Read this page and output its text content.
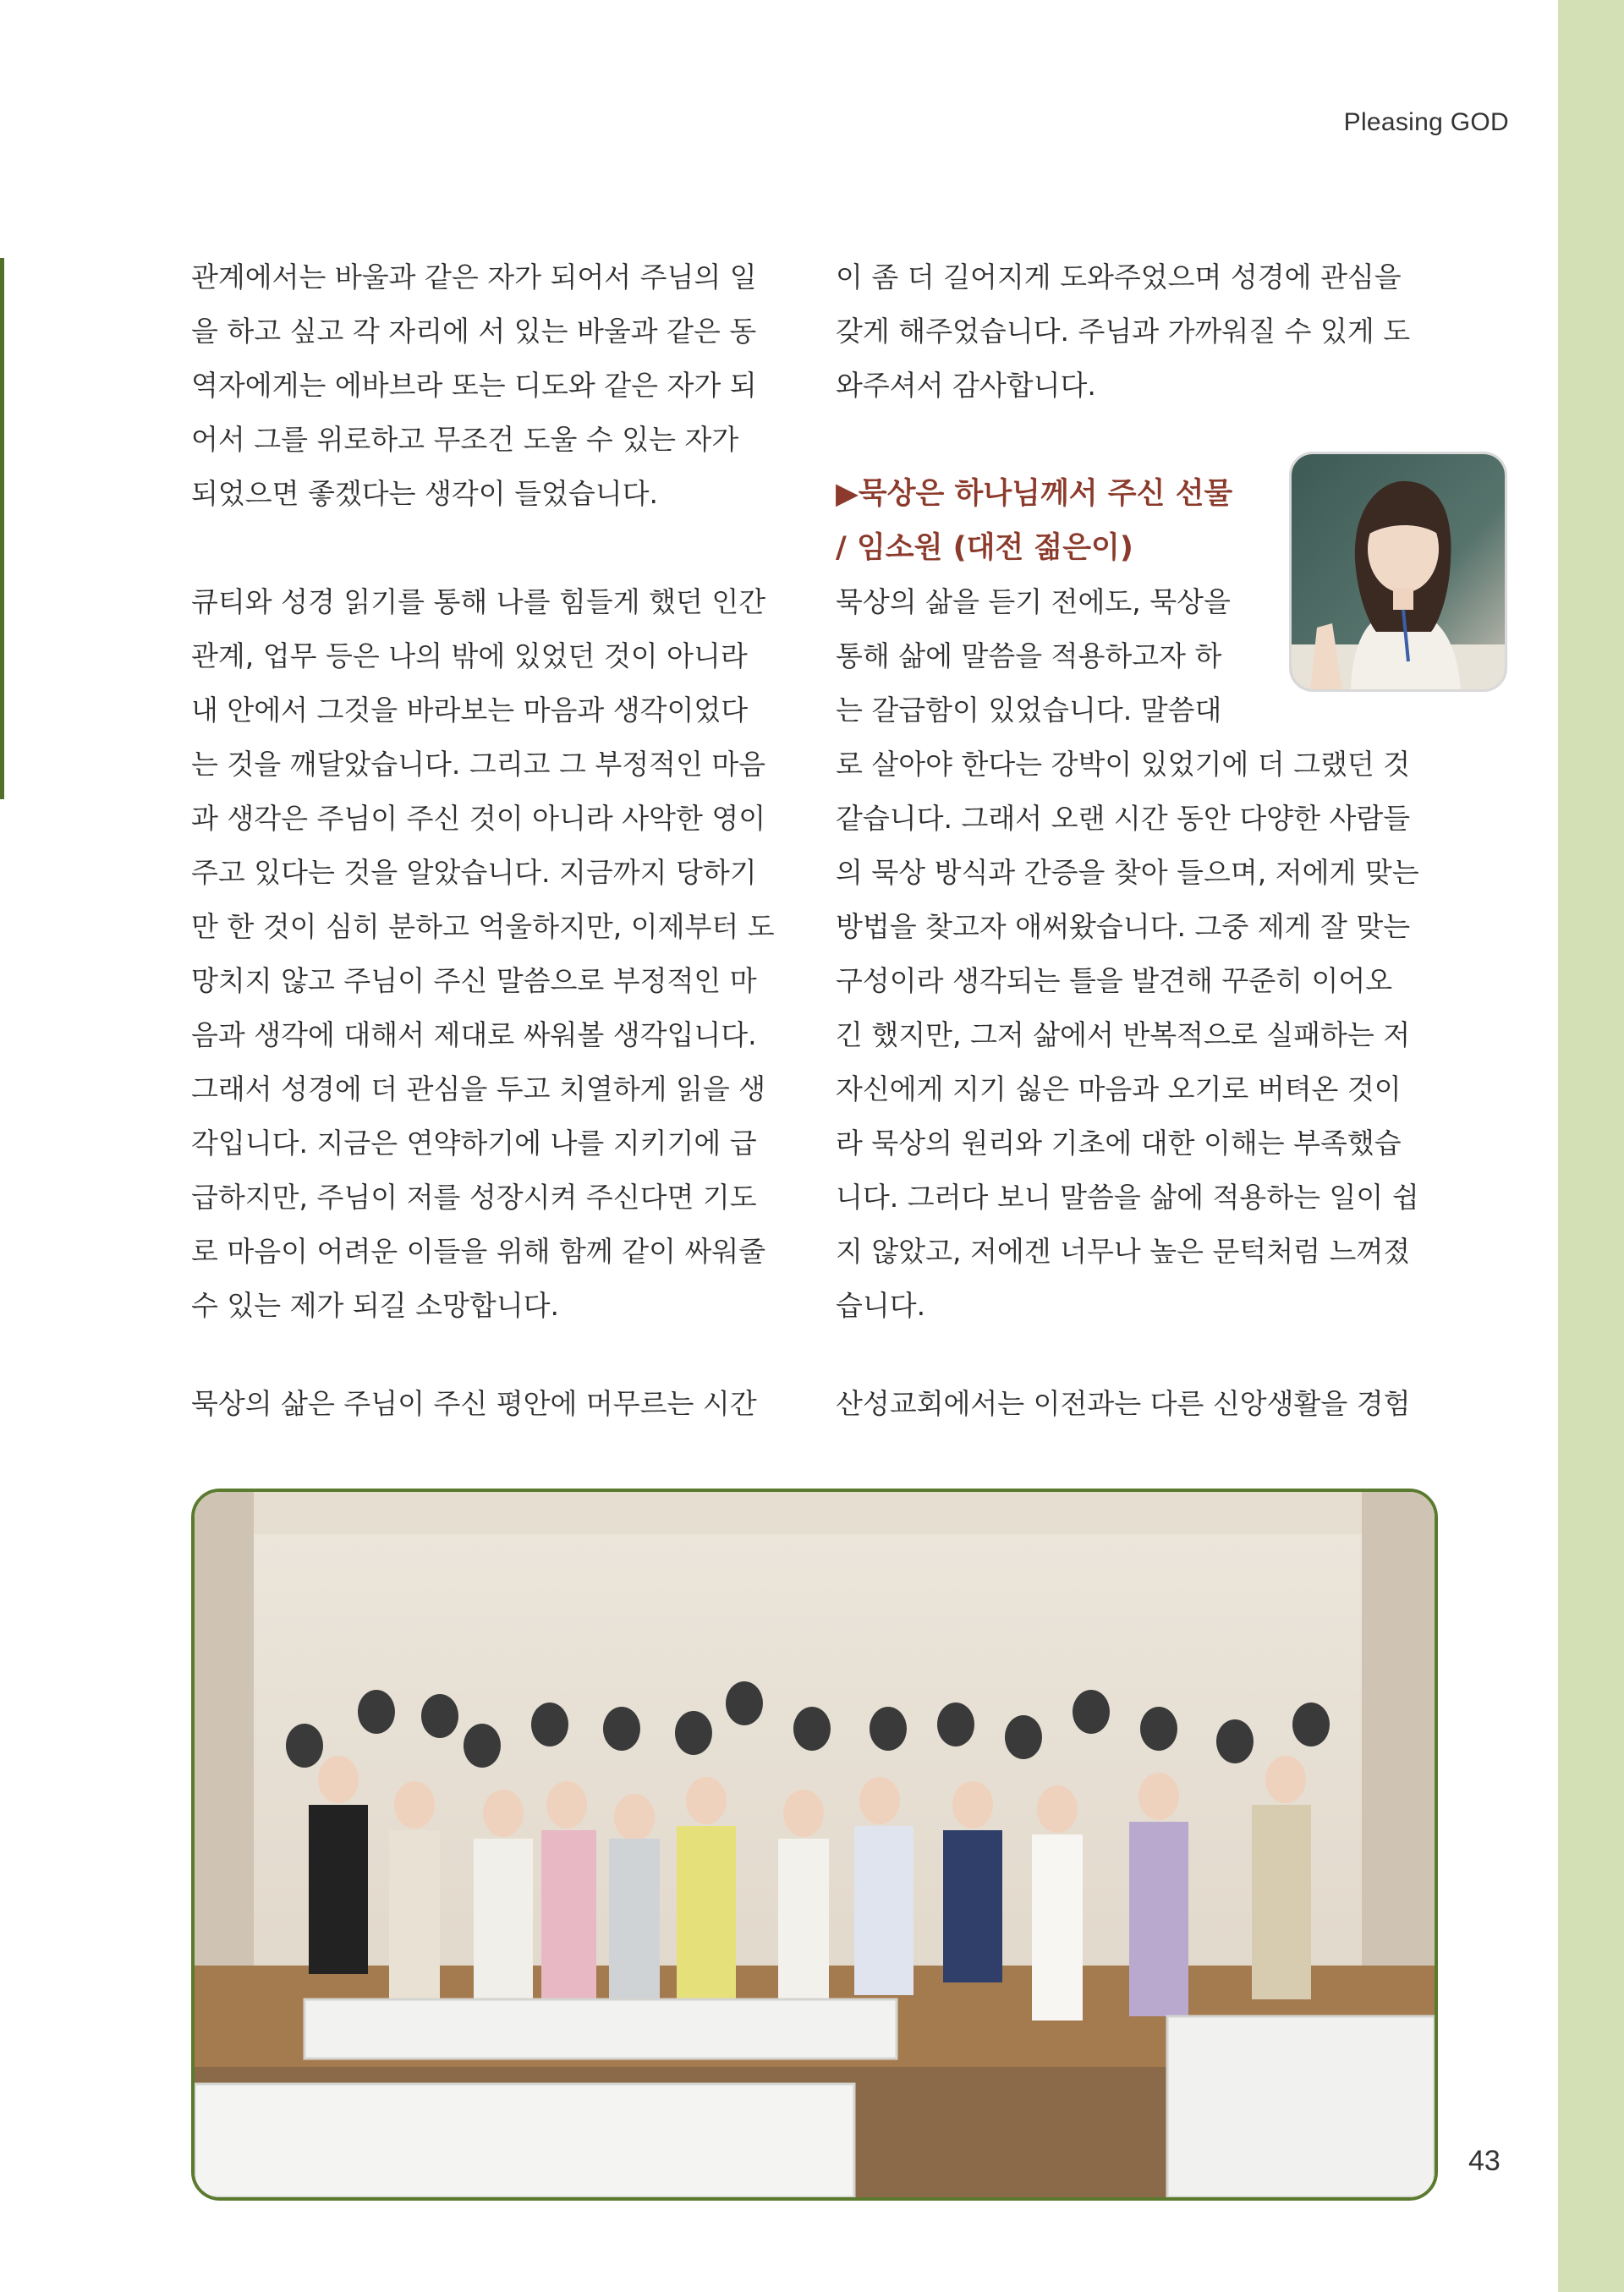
Pleasing GOD

관계에서는 바울과 같은 자가 되어서 주님의 일

을 하고 싶고 각 자리에 서 있는 바울과 같은 동

역자에게는 에바브라 또는 디도와 같은 자가 되

어서 그를 위로하고 무조건 도울 수 있는 자가

되었으면 좋겠다는 생각이 들었습니다.

큐티와 성경 읽기를 통해 나를 힘들게 했던 인간

관계, 업무 등은 나의 밖에 있었던 것이 아니라

내 안에서 그것을 바라보는 마음과 생각이었다

는 것을 깨달았습니다. 그리고 그 부정적인 마음

과 생각은 주님이 주신 것이 아니라 사악한 영이

주고 있다는 것을 알았습니다. 지금까지 당하기

만 한 것이 심히 분하고 억울하지만, 이제부터 도

망치지 않고 주님이 주신 말씀으로 부정적인 마

음과 생각에 대해서 제대로 싸워볼 생각입니다.

그래서 성경에 더 관심을 두고 치열하게 읽을 생

각입니다. 지금은 연약하기에 나를 지키기에 급

급하지만, 주님이 저를 성장시켜 주신다면 기도

로 마음이 어려운 이들을 위해 함께 같이 싸워줄

수 있는 제가 되길 소망합니다.

이 좀 더 길어지게 도와주었으며 성경에 관심을

갖게 해주었습니다. 주님과 가까워질 수 있게 도

와주셔서 감사합니다.

▶묵상은 하나님께서 주신 선물

/ 임소원 (대전 젊은이)

묵상의 삶을 듣기 전에도, 묵상을

통해 삶에 말씀을 적용하고자 하

는 갈급함이 있었습니다. 말씀대

로 살아야 한다는 강박이 있었기에 더 그랬던 것

같습니다. 그래서 오랜 시간 동안 다양한 사람들

의 묵상 방식과 간증을 찾아 들으며, 저에게 맞는

방법을 찾고자 애써왔습니다. 그중 제게 잘 맞는

구성이라 생각되는 틀을 발견해 꾸준히 이어오

긴 했지만, 그저 삶에서 반복적으로 실패하는 저

자신에게 지기 싫은 마음과 오기로 버텨온 것이

라 묵상의 원리와 기초에 대한 이해는 부족했습

니다. 그러다 보니 말씀을 삶에 적용하는 일이 쉽

지 않았고, 저에겐 너무나 높은 문턱처럼 느껴졌

습니다.

묵상의 삶은 주님이 주신 평안에 머무르는 시간	산성교회에서는 이전과는 다른 신앙생활을 경험
43
